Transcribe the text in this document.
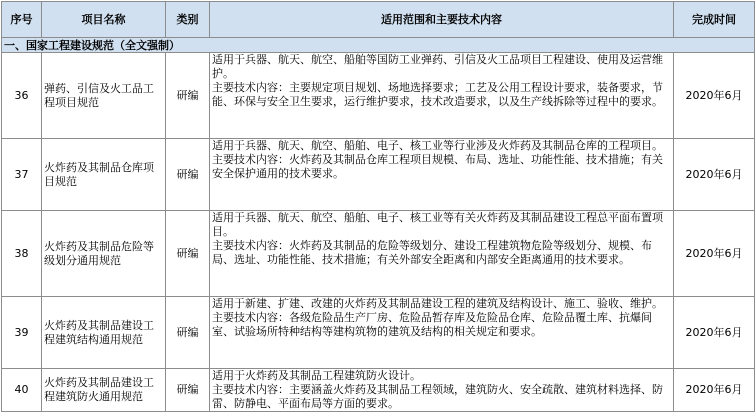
序号	项目名称	类别	适用范围和主要技术内容	完成时间
一、国家工程建设规范（全文强制）				
36	弹药、引信及火工品工程项目规范	研编	适用于兵器、航天、航空、船舶等国防工业弹药、引信及火工品项目工程建设、使用及运营维护。
主要技术内容：主要规定项目规划、场地选择要求；工艺及公用工程设计要求，装备要求，节能、环保与安全卫生要求，运行维护要求，技术改造要求，以及生产线拆除等过程中的要求。	2020年6月
37	火炸药及其制品仓库项目规范	研编	适用于兵器、航天、航空、船舶、电子、核工业等行业涉及火炸药及其制品仓库的工程项目。
主要技术内容：火炸药及其制品仓库工程项目规模、布局、选址、功能性能、技术措施；有关安全保护通用的技术要求。	2020年6月
38	火炸药及其制品危险等级划分通用规范	研编	适用于兵器、航天、航空、船舶、电子、核工业等有关火炸药及其制品建设工程总平面布置项目。
主要技术内容：火炸药及其制品的危险等级划分、建设工程建筑物危险等级划分、规模、布局、选址、功能性能、技术措施；有关外部安全距离和内部安全距离通用的技术要求。	2020年6月
39	火炸药及其制品建设工程建筑结构通用规范	研编	适用于新建、扩建、改建的火炸药及其制品建设工程的建筑及结构设计、施工、验收、维护。
主要技术内容：各级危险品生产厂房、危险品暂存库及危险品仓库、危险品覆土库、抗爆间室、试验场所特种结构等建构筑物的建筑及结构的相关规定和要求。	2020年6月
40	火炸药及其制品建设工程建筑防火通用规范	研编	适用于火炸药及其制品工程建筑防火设计。
主要技术内容：主要涵盖火炸药及其制品工程领域，建筑防火、安全疏散、建筑材料选择、防雷、防静电、平面布局等方面的要求。	2020年6月
